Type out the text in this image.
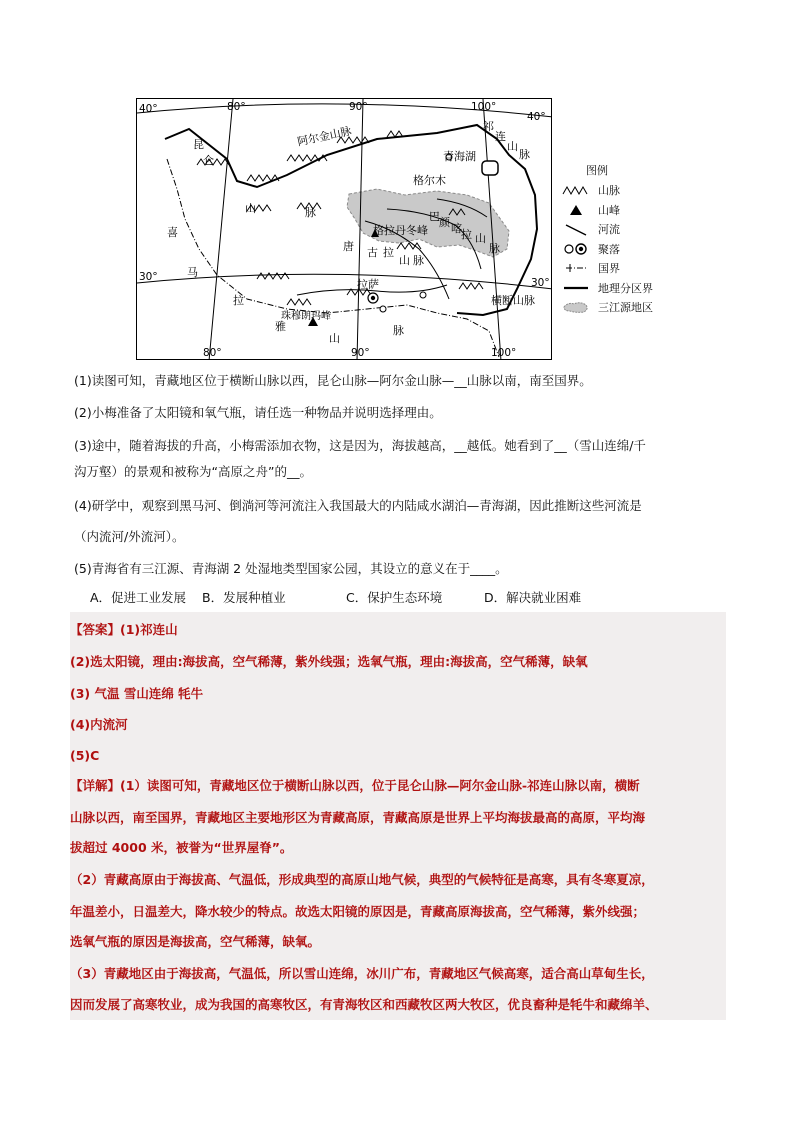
40°
40°
80°	90°	100°
30°	30°
80°	90°	100°
昆
仑
山	脉
阿尔金山脉	祁
连
山
脉
青海湖
格尔木
格拉丹冬峰
唐 古 拉
山 脉
巴 颜 喀 拉 山
脉
喜
马
拉
雅
山
脉
拉萨
珠穆朗玛峰
横断山脉
图例
山脉
山峰
河流
聚落
国界
地理分区界
三江源地区
(1)读图可知，青藏地区位于横断山脉以西，昆仑山脉—阿尔金山脉—__山脉以南，南至国界。
(2)小梅准备了太阳镜和氧气瓶，请任选一种物品并说明选择理由。
(3)途中，随着海拔的升高，小梅需添加衣物，这是因为，海拔越高，__越低。她看到了__（雪山连绵/千
沟万壑）的景观和被称为“高原之舟”的__。
(4)研学中，观察到黑马河、倒淌河等河流注入我国最大的内陆咸水湖泊—青海湖，因此推断这些河流是
（内流河/外流河）。
(5)青海省有三江源、青海湖 2 处湿地类型国家公园，其设立的意义在于____。
A．促进工业发展 B．发展种植业	C．保护生态环境	D．解决就业困难
【答案】(1)祁连山
(2)选太阳镜，理由:海拔高，空气稀薄，紫外线强；选氧气瓶，理由:海拔高，空气稀薄，缺氧
(3) 气温 雪山连绵 牦牛
(4)内流河
(5)C
【详解】(1）读图可知，青藏地区位于横断山脉以西，位于昆仑山脉—阿尔金山脉-祁连山脉以南，横断
山脉以西，南至国界，青藏地区主要地形区为青藏高原，青藏高原是世界上平均海拔最高的高原，平均海
拔超过 4000 米，被誉为“世界屋脊”。
（2）青藏高原由于海拔高、气温低，形成典型的高原山地气候，典型的气候特征是高寒，具有冬寒夏凉，
年温差小，日温差大，降水较少的特点。故选太阳镜的原因是，青藏高原海拔高，空气稀薄，紫外线强；
选氧气瓶的原因是海拔高，空气稀薄，缺氧。
（3）青藏地区由于海拔高，气温低，所以雪山连绵，冰川广布，青藏地区气候高寒，适合高山草甸生长，
因而发展了高寒牧业，成为我国的高寒牧区，有青海牧区和西藏牧区两大牧区，优良畜种是牦牛和藏绵羊、
